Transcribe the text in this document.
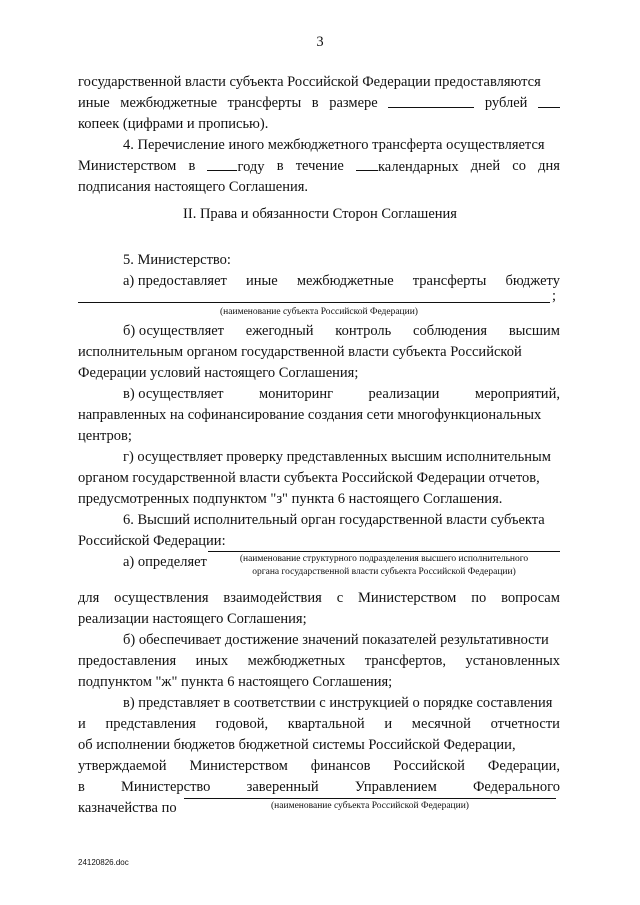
3
государственной власти субъекта Российской Федерации предоставляются
иные межбюджетные трансферты в размере	рублей
копеек (цифрами и прописью).
4. Перечисление иного межбюджетного трансферта осуществляется
Министерством в	году в течение	календарных дней со дня
подписания настоящего Соглашения.
II. Права и обязанности Сторон Соглашения
5. Министерство:
а) предоставляет иные межбюджетные трансферты бюджету
;
(наименование субъекта Российской Федерации)
б) осуществляет ежегодный контроль соблюдения высшим
исполнительным органом государственной власти субъекта Российской
Федерации условий настоящего Соглашения;
в) осуществляет мониторинг реализации мероприятий,
направленных на софинансирование создания сети многофункциональных
центров;
г) осуществляет проверку представленных высшим исполнительным
органом государственной власти субъекта Российской Федерации отчетов,
предусмотренных подпунктом "з" пункта 6 настоящего Соглашения.
6. Высший исполнительный орган государственной власти субъекта
Российской Федерации:
а) определяет	(наименование структурного подразделения высшего исполнительного
органа государственной власти субъекта Российской Федерации)
для осуществления взаимодействия с Министерством по вопросам
реализации настоящего Соглашения;
б) обеспечивает достижение значений показателей результативности
предоставления иных межбюджетных трансфертов, установленных
подпунктом "ж" пункта 6 настоящего Соглашения;
в) представляет в соответствии с инструкцией о порядке составления
и представления годовой, квартальной и месячной отчетности
об исполнении бюджетов бюджетной системы Российской Федерации,
утверждаемой Министерством финансов Российской Федерации,
в Министерство заверенный Управлением Федерального
казначейства по	(наименование субъекта Российской Федерации)
24120826.doc
